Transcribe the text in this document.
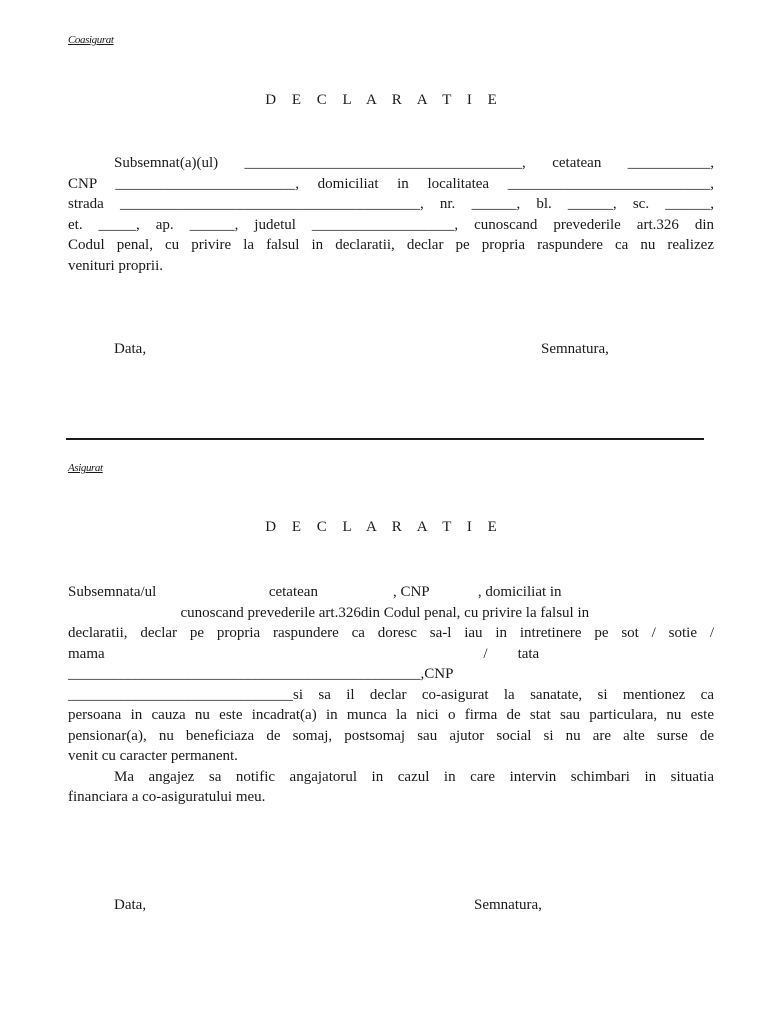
Coasigurat
D E C L A R A T I E
Subsemnat(a)(ul) _____________________________________, cetatean ___________,
CNP ________________________, domiciliat in localitatea ___________________________,
strada ________________________________________, nr. ______, bl. ______, sc. ______,
et. _____, ap. ______, judetul ___________________, cunoscand prevederile art.326 din
Codul penal, cu privire la falsul in declaratii, declar pe propria raspundere ca nu realizez
venituri proprii.
Data,	Semnatura,
Asigurat
D E C L A R A T I E
Subsemnata/ul                              cetatean                    , CNP             , domiciliat in
cunoscand prevederile art.326din Codul penal, cu privire la falsul in
declaratii, declar pe propria raspundere ca doresc sa-l iau in intretinere pe sot / sotie /
mama                                                                                                     /        tata
_______________________________________________,CNP
______________________________si sa il declar co-asigurat la sanatate, si mentionez ca
persoana in cauza nu este incadrat(a) in munca la nici o firma de stat sau particulara, nu este
pensionar(a), nu beneficiaza de somaj, postsomaj sau ajutor social si nu are alte surse de
venit cu caracter permanent.
Ma angajez sa notific angajatorul in cazul in care intervin schimbari in situatia
financiara a co-asiguratului meu.
Data,	Semnatura,
